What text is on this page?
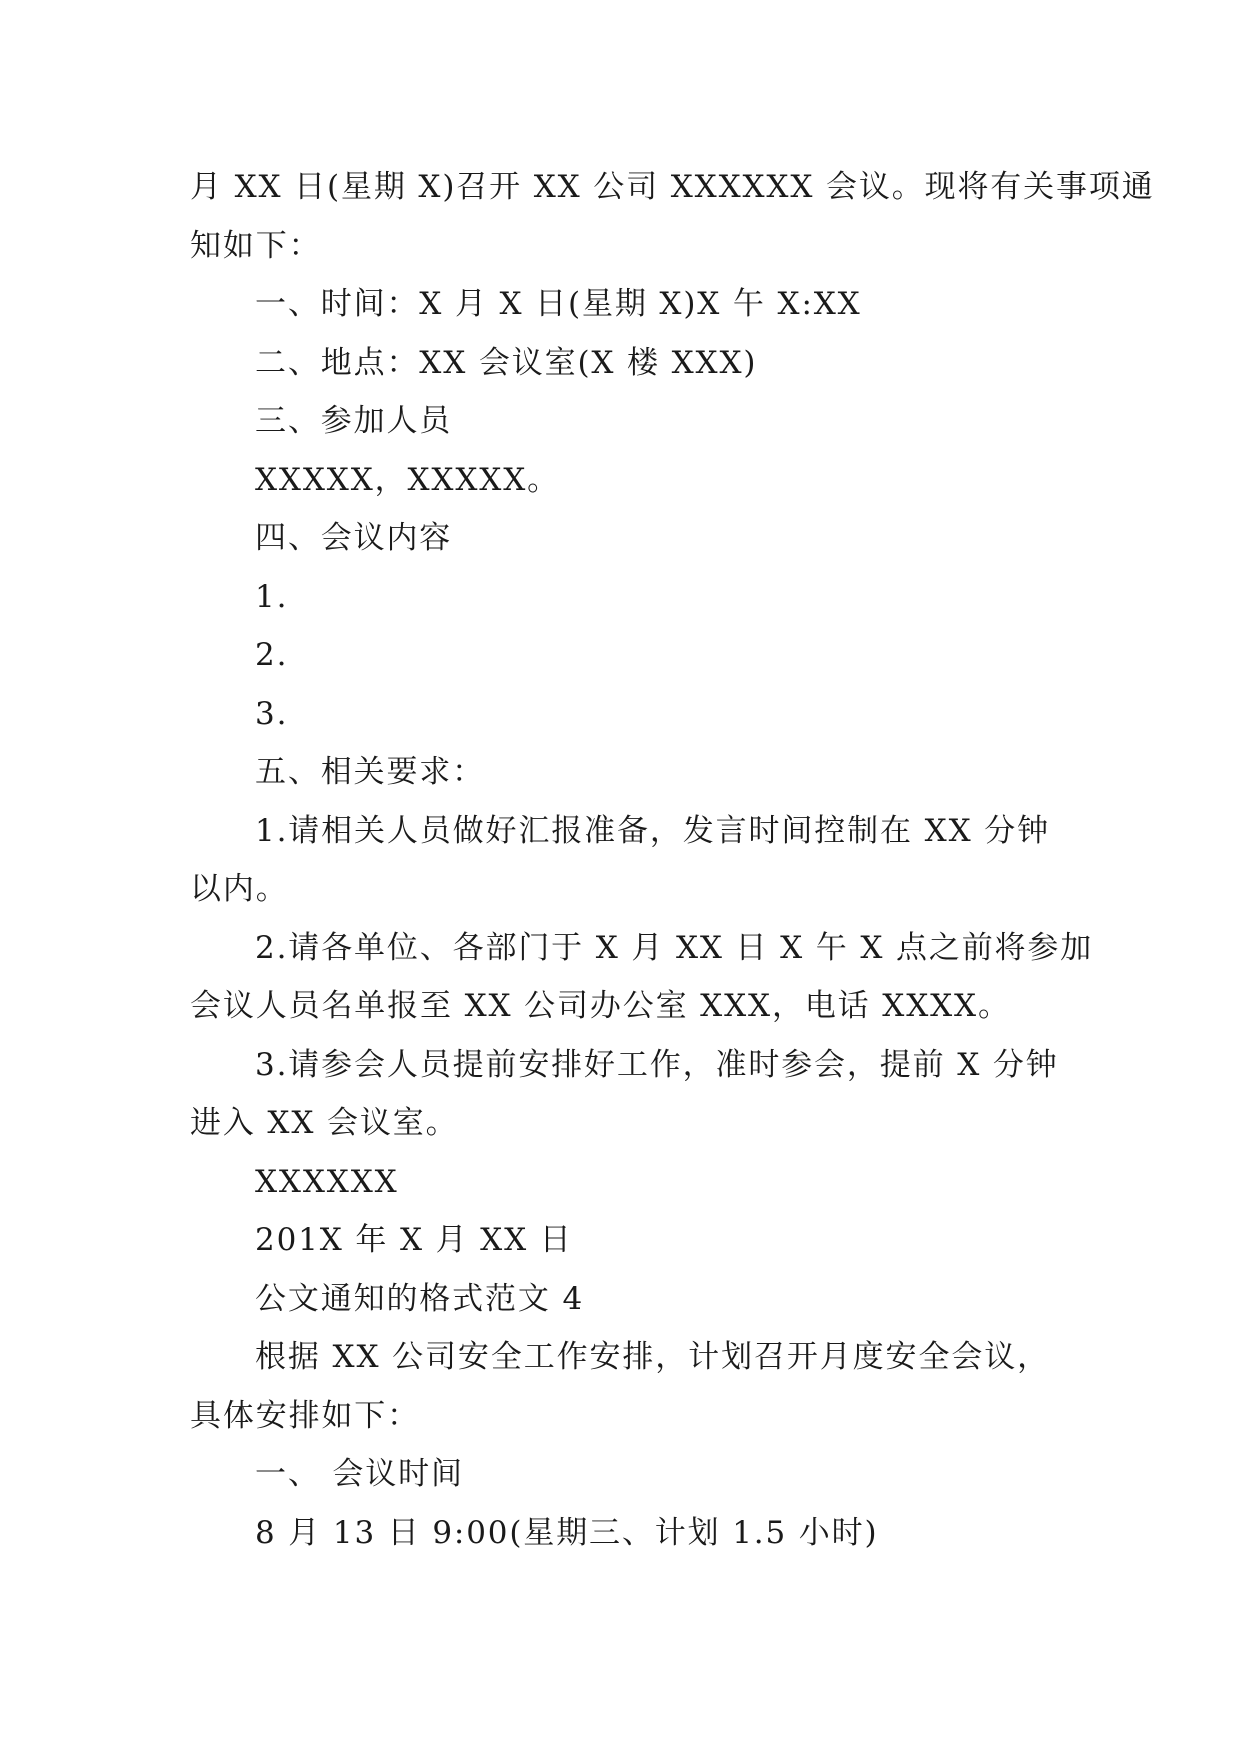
月 XX 日(星期 X)召开 XX 公司 XXXXXX 会议。现将有关事项通
知如下：
一、时间：X 月 X 日(星期 X)X 午 X:XX
二、地点：XX 会议室(X 楼 XXX)
三、参加人员
XXXXX，XXXXX。
四、会议内容
1.
2.
3.
五、相关要求：
1.请相关人员做好汇报准备，发言时间控制在 XX 分钟
以内。
2.请各单位、各部门于 X 月 XX 日 X 午 X 点之前将参加
会议人员名单报至 XX 公司办公室 XXX，电话 XXXX。
3.请参会人员提前安排好工作，准时参会，提前 X 分钟
进入 XX 会议室。
XXXXXX
201X 年 X 月 XX 日
公文通知的格式范文 4
根据 XX 公司安全工作安排，计划召开月度安全会议，
具体安排如下：
一、 会议时间
8 月 13 日 9:00(星期三、计划 1.5 小时)
